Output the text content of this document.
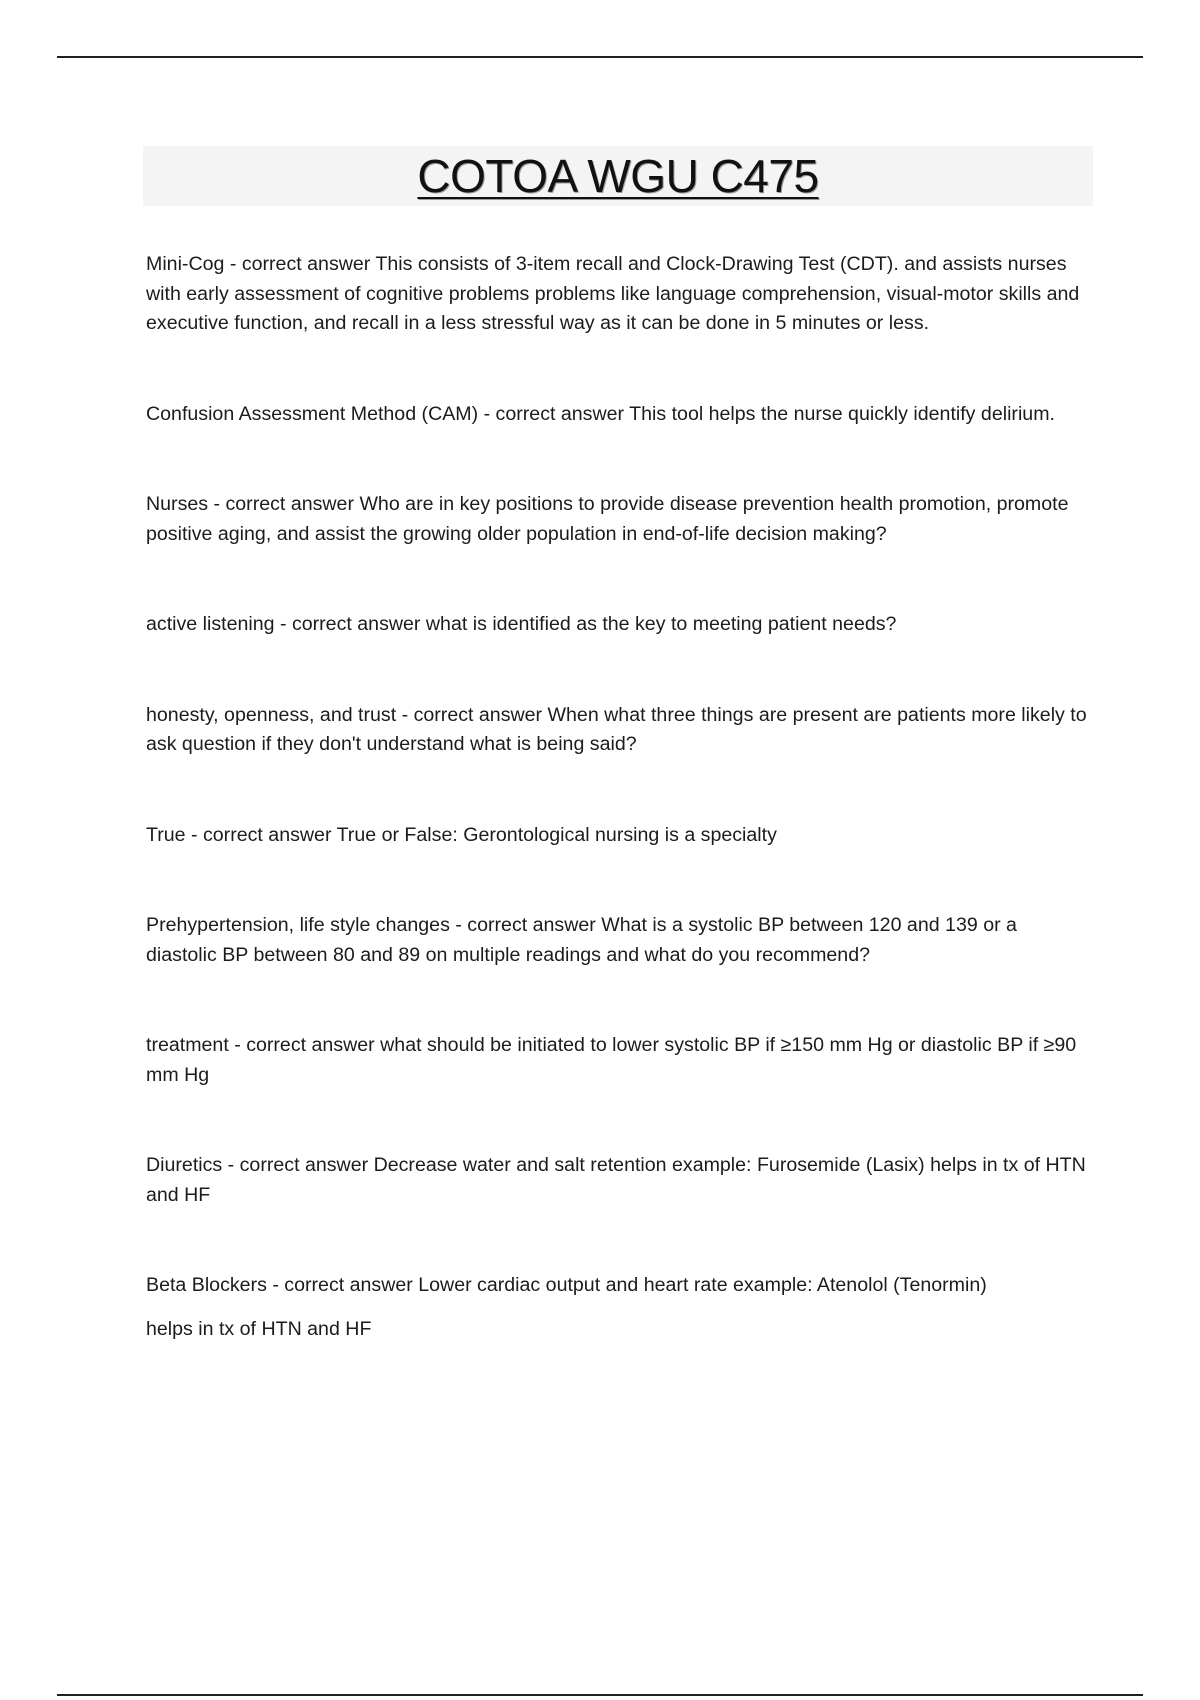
COTOA WGU C475

Mini-Cog - correct answer This consists of 3-item recall and Clock-Drawing Test (CDT). and assists nurses with early assessment of cognitive problems problems like language comprehension, visual-motor skills and executive function, and recall in a less stressful way as it can be done in 5 minutes or less.

Confusion Assessment Method (CAM) - correct answer This tool helps the nurse quickly identify delirium.

Nurses - correct answer Who are in key positions to provide disease prevention health promotion, promote positive aging, and assist the growing older population in end-of-life decision making?

active listening - correct answer what is identified as the key to meeting patient needs?

honesty, openness, and trust - correct answer When what three things are present are patients more likely to ask question if they don't understand what is being said?

True - correct answer True or False: Gerontological nursing is a specialty

Prehypertension, life style changes - correct answer What is a systolic BP between 120 and 139 or a diastolic BP between 80 and 89 on multiple readings and what do you recommend?

treatment - correct answer what should be initiated to lower systolic BP if ≥150 mm Hg or diastolic BP if ≥90 mm Hg

Diuretics - correct answer Decrease water and salt retention example: Furosemide (Lasix) helps in tx of HTN and HF

Beta Blockers - correct answer Lower cardiac output and heart rate example: Atenolol (Tenormin)
helps in tx of HTN and HF
